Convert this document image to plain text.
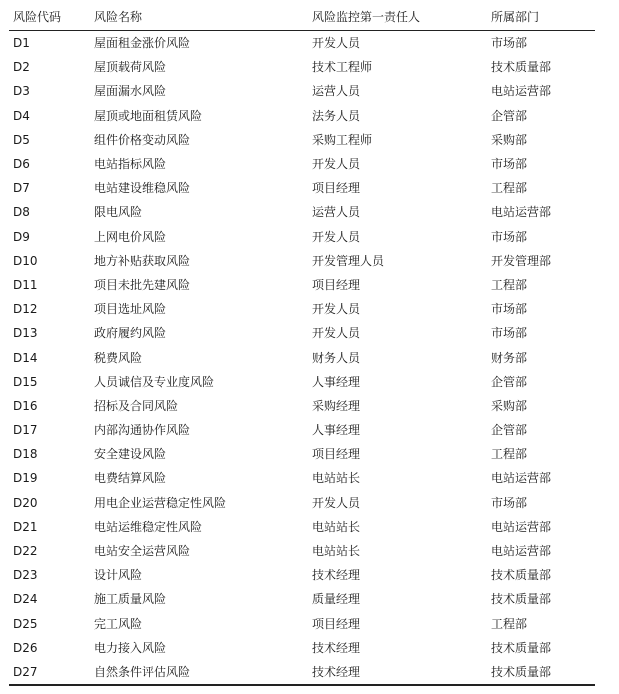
风险代码	风险名称	风险监控第一责任人	所属部门
D1	屋面租金涨价风险	开发人员	市场部
D2	屋顶载荷风险	技术工程师	技术质量部
D3	屋面漏水风险	运营人员	电站运营部
D4	屋顶或地面租赁风险	法务人员	企管部
D5	组件价格变动风险	采购工程师	采购部
D6	电站指标风险	开发人员	市场部
D7	电站建设维稳风险	项目经理	工程部
D8	限电风险	运营人员	电站运营部
D9	上网电价风险	开发人员	市场部
D10	地方补贴获取风险	开发管理人员	开发管理部
D11	项目未批先建风险	项目经理	工程部
D12	项目选址风险	开发人员	市场部
D13	政府履约风险	开发人员	市场部
D14	税费风险	财务人员	财务部
D15	人员诚信及专业度风险	人事经理	企管部
D16	招标及合同风险	采购经理	采购部
D17	内部沟通协作风险	人事经理	企管部
D18	安全建设风险	项目经理	工程部
D19	电费结算风险	电站站长	电站运营部
D20	用电企业运营稳定性风险	开发人员	市场部
D21	电站运维稳定性风险	电站站长	电站运营部
D22	电站安全运营风险	电站站长	电站运营部
D23	设计风险	技术经理	技术质量部
D24	施工质量风险	质量经理	技术质量部
D25	完工风险	项目经理	工程部
D26	电力接入风险	技术经理	技术质量部
D27	自然条件评估风险	技术经理	技术质量部
